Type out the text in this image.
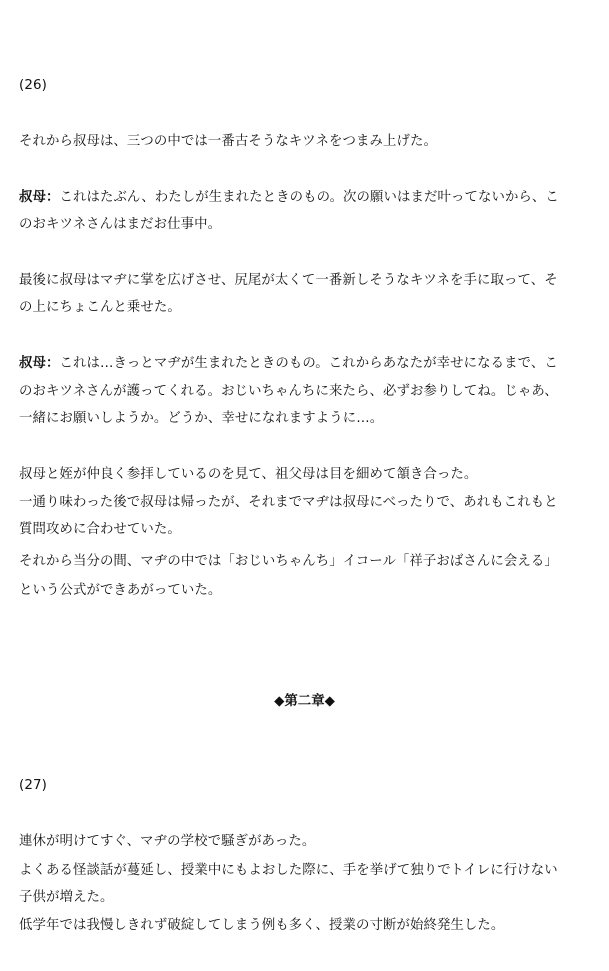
(26)
それから叔母は、三つの中では一番古そうなキツネをつまみ上げた。
叔母：これはたぶん、わたしが生まれたときのもの。次の願いはまだ叶ってないから、こ
のおキツネさんはまだお仕事中。
最後に叔母はマヂに掌を広げさせ、尻尾が太くて一番新しそうなキツネを手に取って、そ
の上にちょこんと乗せた。
叔母：これは…きっとマヂが生まれたときのもの。これからあなたが幸せになるまで、こ
のおキツネさんが護ってくれる。おじいちゃんちに来たら、必ずお参りしてね。じゃあ、
一緒にお願いしようか。どうか、幸せになれますように…。
叔母と姪が仲良く参拝しているのを見て、祖父母は目を細めて頷き合った。
一通り味わった後で叔母は帰ったが、それまでマヂは叔母にべったりで、あれもこれもと
質問攻めに合わせていた。
それから当分の間、マヂの中では「おじいちゃんち」イコール「祥子おばさんに会える」
という公式ができあがっていた。
◆第二章◆
(27)
連休が明けてすぐ、マヂの学校で騒ぎがあった。
よくある怪談話が蔓延し、授業中にもよおした際に、手を挙げて独りでトイレに行けない
子供が増えた。
低学年では我慢しきれず破綻してしまう例も多く、授業の寸断が始終発生した。
